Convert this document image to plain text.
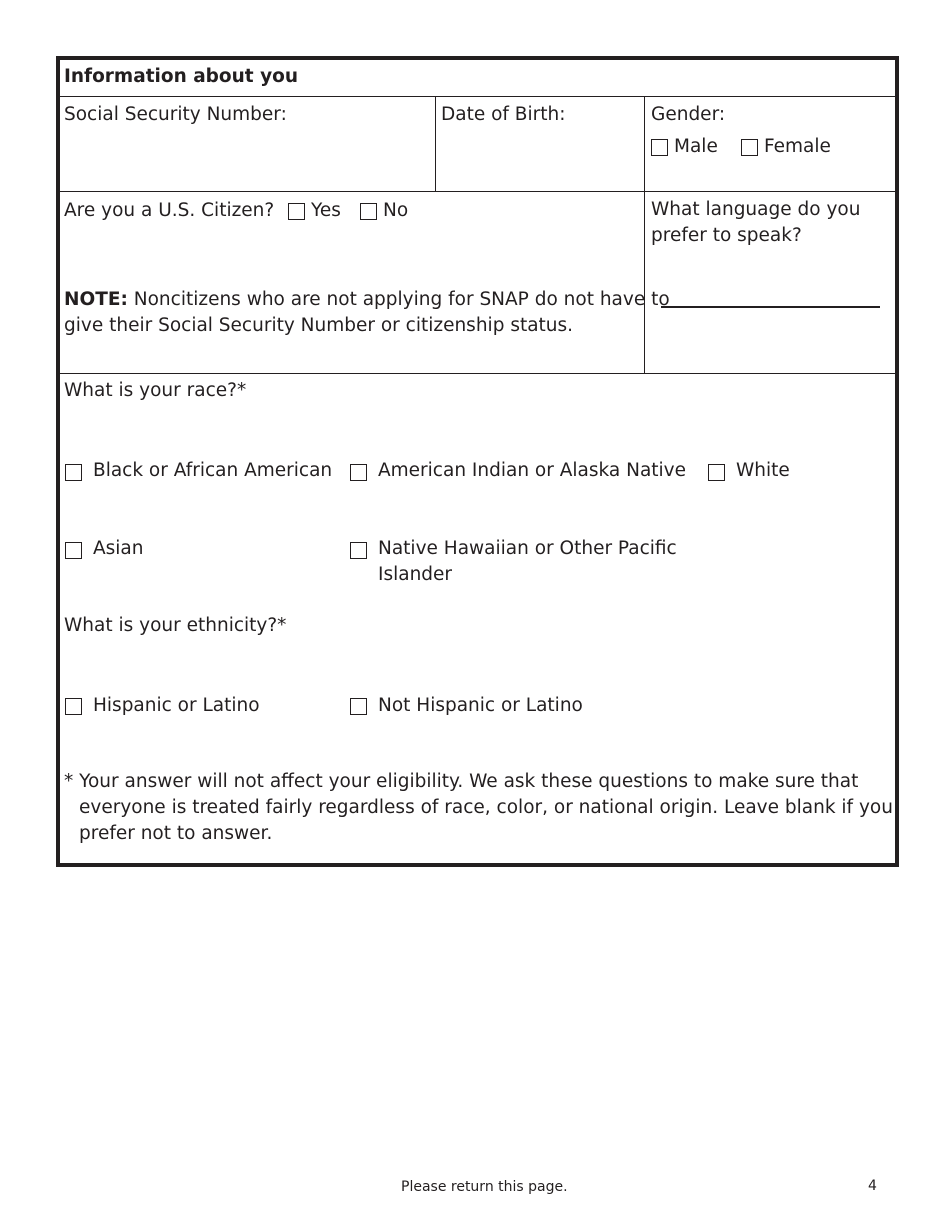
Information about you
Social Security Number:	Date of Birth:	Gender:
Male Female
Are you a U.S. Citizen? Yes No	What language do you
prefer to speak?
NOTE: Noncitizens who are not applying for SNAP do not have to
give their Social Security Number or citizenship status.
What is your race?*
Black or African American American Indian or Alaska Native	White
Asian	Native Hawaiian or Other Pacific
Islander
What is your ethnicity?*
Hispanic or Latino	Not Hispanic or Latino
* Your answer will not affect your eligibility. We ask these questions to make sure that
everyone is treated fairly regardless of race, color, or national origin. Leave blank if you
prefer not to answer.
Please return this page.	4
